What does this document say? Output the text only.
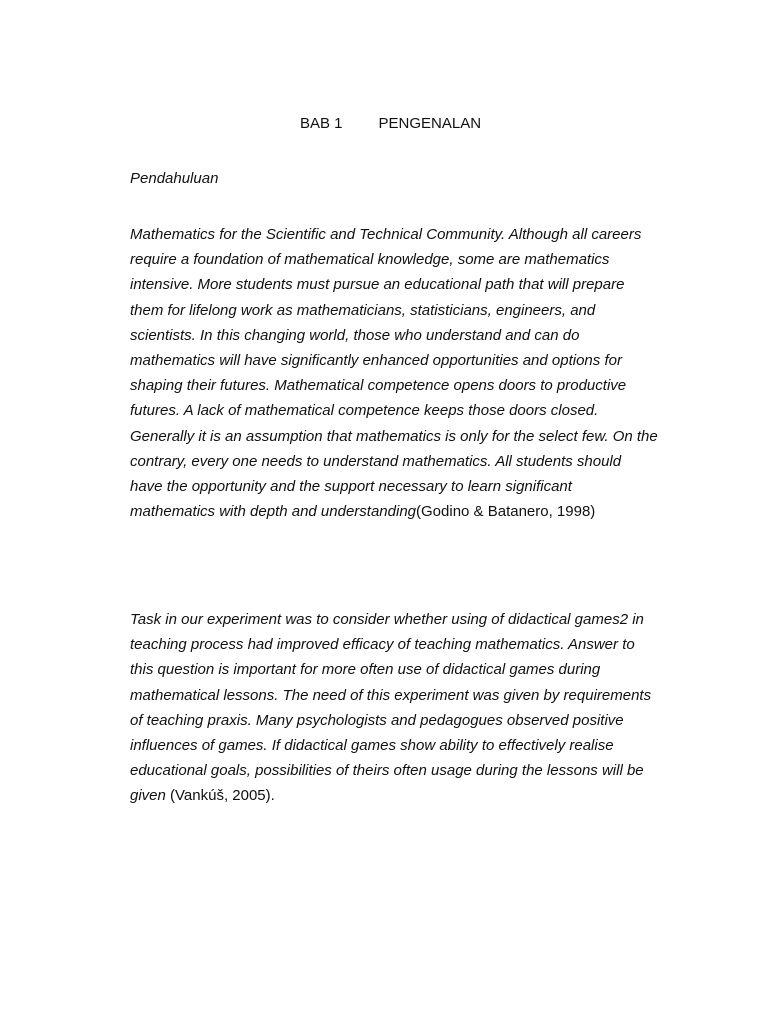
BAB 1 PENGENALAN
Pendahuluan
Mathematics for the Scientific and Technical Community. Although all careers
require a foundation of mathematical knowledge, some are mathematics
intensive. More students must pursue an educational path that will prepare
them for lifelong work as mathematicians, statisticians, engineers, and
scientists. In this changing world, those who understand and can do
mathematics will have significantly enhanced opportunities and options for
shaping their futures. Mathematical competence opens doors to productive
futures. A lack of mathematical competence keeps those doors closed.
Generally it is an assumption that mathematics is only for the select few. On the
contrary, every one needs to understand mathematics. All students should
have the opportunity and the support necessary to learn significant
mathematics with depth and understanding(Godino & Batanero, 1998)
Task in our experiment was to consider whether using of didactical games2 in
teaching process had improved efficacy of teaching mathematics. Answer to
this question is important for more often use of didactical games during
mathematical lessons. The need of this experiment was given by requirements
of teaching praxis. Many psychologists and pedagogues observed positive
influences of games. If didactical games show ability to effectively realise
educational goals, possibilities of theirs often usage during the lessons will be
given (Vankúš, 2005).
